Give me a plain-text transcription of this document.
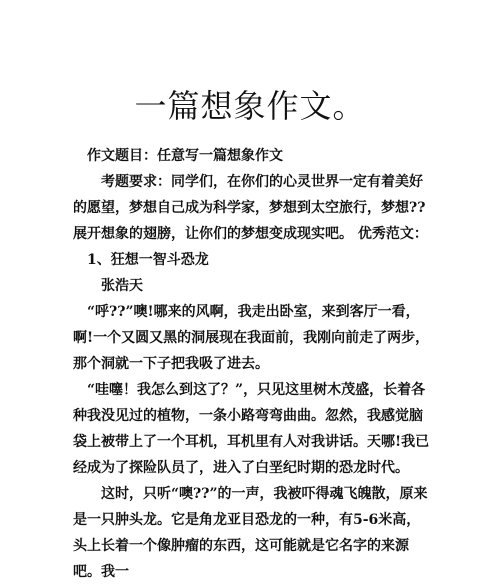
一篇想象作文。

作文题目：任意写一篇想象作文

考题要求：同学们，在你们的心灵世界一定有着美好的愿望，梦想自己成为科学家，梦想到太空旅行，梦想??展开想象的翅膀，让你们的梦想变成现实吧。 优秀范文：

1、狂想一智斗恐龙

张浩天

“呼??”噢!哪来的风啊，我走出卧室，来到客厅一看，啊!一个又圆又黑的洞展现在我面前，我刚向前走了两步，那个洞就一下子把我吸了进去。

“哇噻！我怎么到这了？”，只见这里树木茂盛，长着各种我没见过的植物，一条小路弯弯曲曲。忽然，我感觉脑袋上被带上了一个耳机，耳机里有人对我讲话。天哪!我已经成为了探险队员了，进入了白垩纪时期的恐龙时代。

这时，只听“噢??”的一声，我被吓得魂飞魄散，原来是一只肿头龙。它是角龙亚目恐龙的一种，有5-6米高，头上长着一个像肿瘤的东西，这可能就是它名字的来源吧。我一
